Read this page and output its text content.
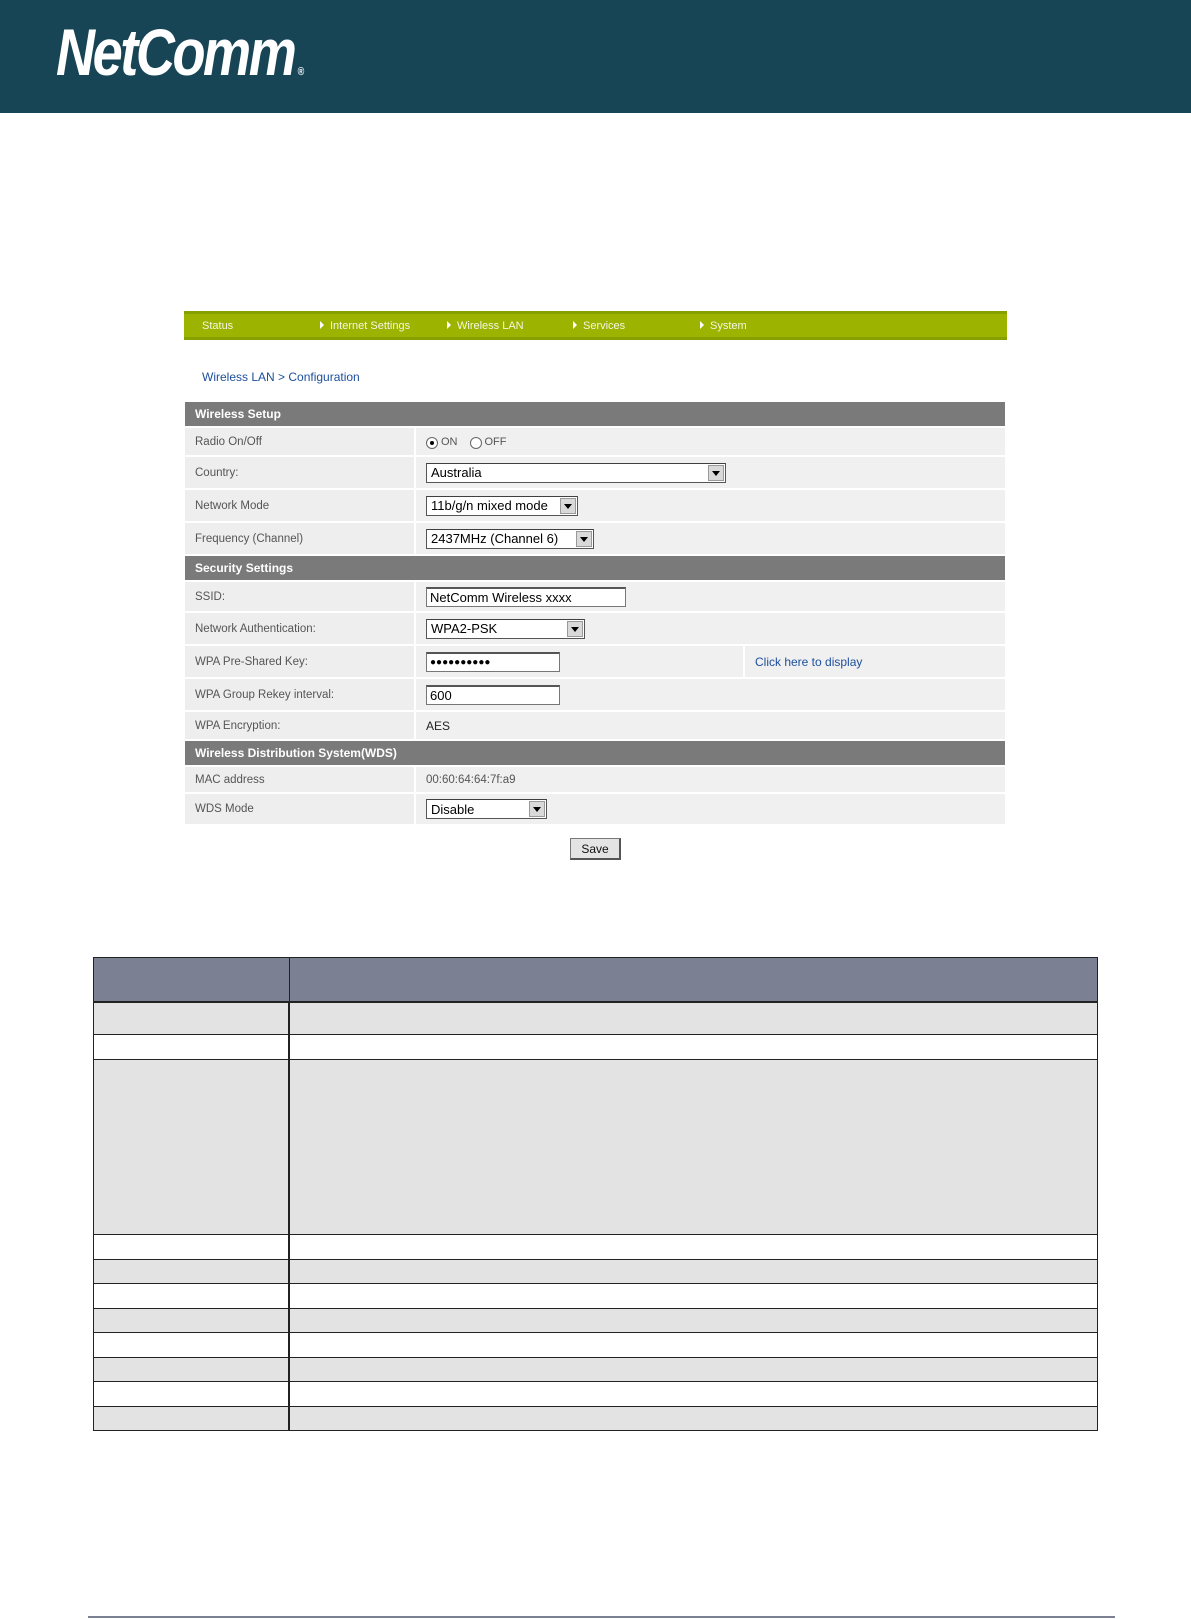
NetComm ®
Status	Internet Settings	Wireless LAN	Services	System
Wireless LAN > Configuration
Wireless Setup
Radio On/Off	ON OFF
Country:	Australia
Network Mode	11b/g/n mixed mode
Frequency (Channel)	2437MHz (Channel 6)
Security Settings
SSID:	NetComm Wireless xxxx
Network Authentication:	WPA2-PSK
WPA Pre-Shared Key:	●●●●●●●●●●	Click here to display
WPA Group Rekey interval:	600
WPA Encryption:	AES
Wireless Distribution System(WDS)
MAC address	00:60:64:64:7f:a9
WDS Mode	Disable
Save
